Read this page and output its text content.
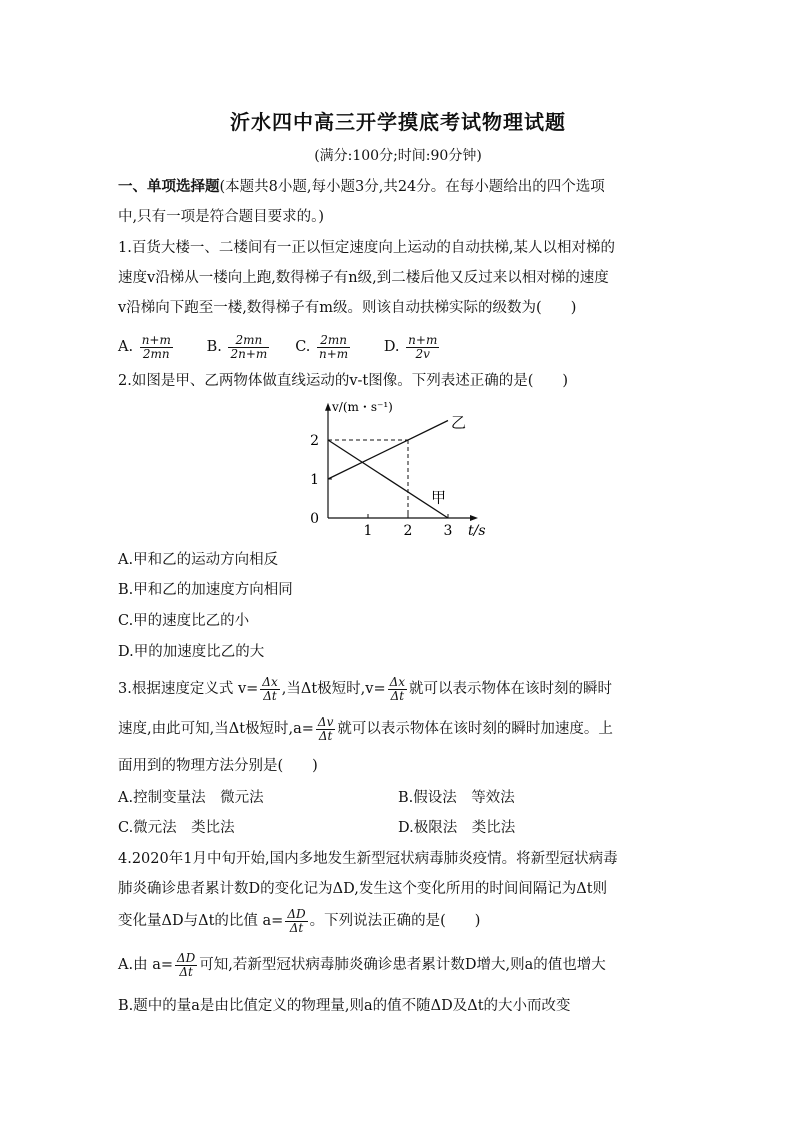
沂水四中高三开学摸底考试物理试题
(满分:100分;时间:90分钟)
一、单项选择题(本题共8小题,每小题3分,共24分。在每小题给出的四个选项
中,只有一项是符合题目要求的。)
1.百货大楼一、二楼间有一正以恒定速度向上运动的自动扶梯,某人以相对梯的
速度v沿梯从一楼向上跑,数得梯子有n级,到二楼后他又反过来以相对梯的速度
v沿梯向下跑至一楼,数得梯子有m级。则该自动扶梯实际的级数为(　　)
A. $\frac{n+m}{2mn} B$. $\frac{2mn}{2n+m} C$. $\frac{2mn}{n+m} D$. $\frac{n+m}{2v}$
2.如图是甲、乙两物体做直线运动的v-t图像。下列表述正确的是(　　)
1 2 3
0
1
2
甲
乙
t/s
v/(m・s⁻¹)
A.甲和乙的运动方向相反
B.甲和乙的加速度方向相同
C.甲的速度比乙的小
D.甲的加速度比乙的大
3.根据速度定义式 $v= \frac{\Delta x}{\Delta t}$ ,当Δt极短时$,v= \frac{\Delta x}{\Delta t}$ 就可以表示物体在该时刻的瞬时
速度,由此可知,当Δt极短时$,a= \frac{\Delta v}{\Delta t}$ 就可以表示物体在该时刻的瞬时加速度。上
面用到的物理方法分别是(　　)
A.控制变量法　微元法	B.假设法　等效法
C.微元法　类比法	D.极限法　类比法
4.2020年1月中旬开始,国内多地发生新型冠状病毒肺炎疫情。将新型冠状病毒
肺炎确诊患者累计数D的变化记为ΔD,发生这个变化所用的时间间隔记为Δt则
变化量ΔD与Δt的比值 $a= \frac{\Delta D}{\Delta t}$ 。下列说法正确的是(　　)
A.由 $a= \frac{\Delta D}{\Delta t}$ 可知,若新型冠状病毒肺炎确诊患者累计数D增大,则a的值也增大
B.题中的量a是由比值定义的物理量,则a的值不随ΔD及Δt的大小而改变
